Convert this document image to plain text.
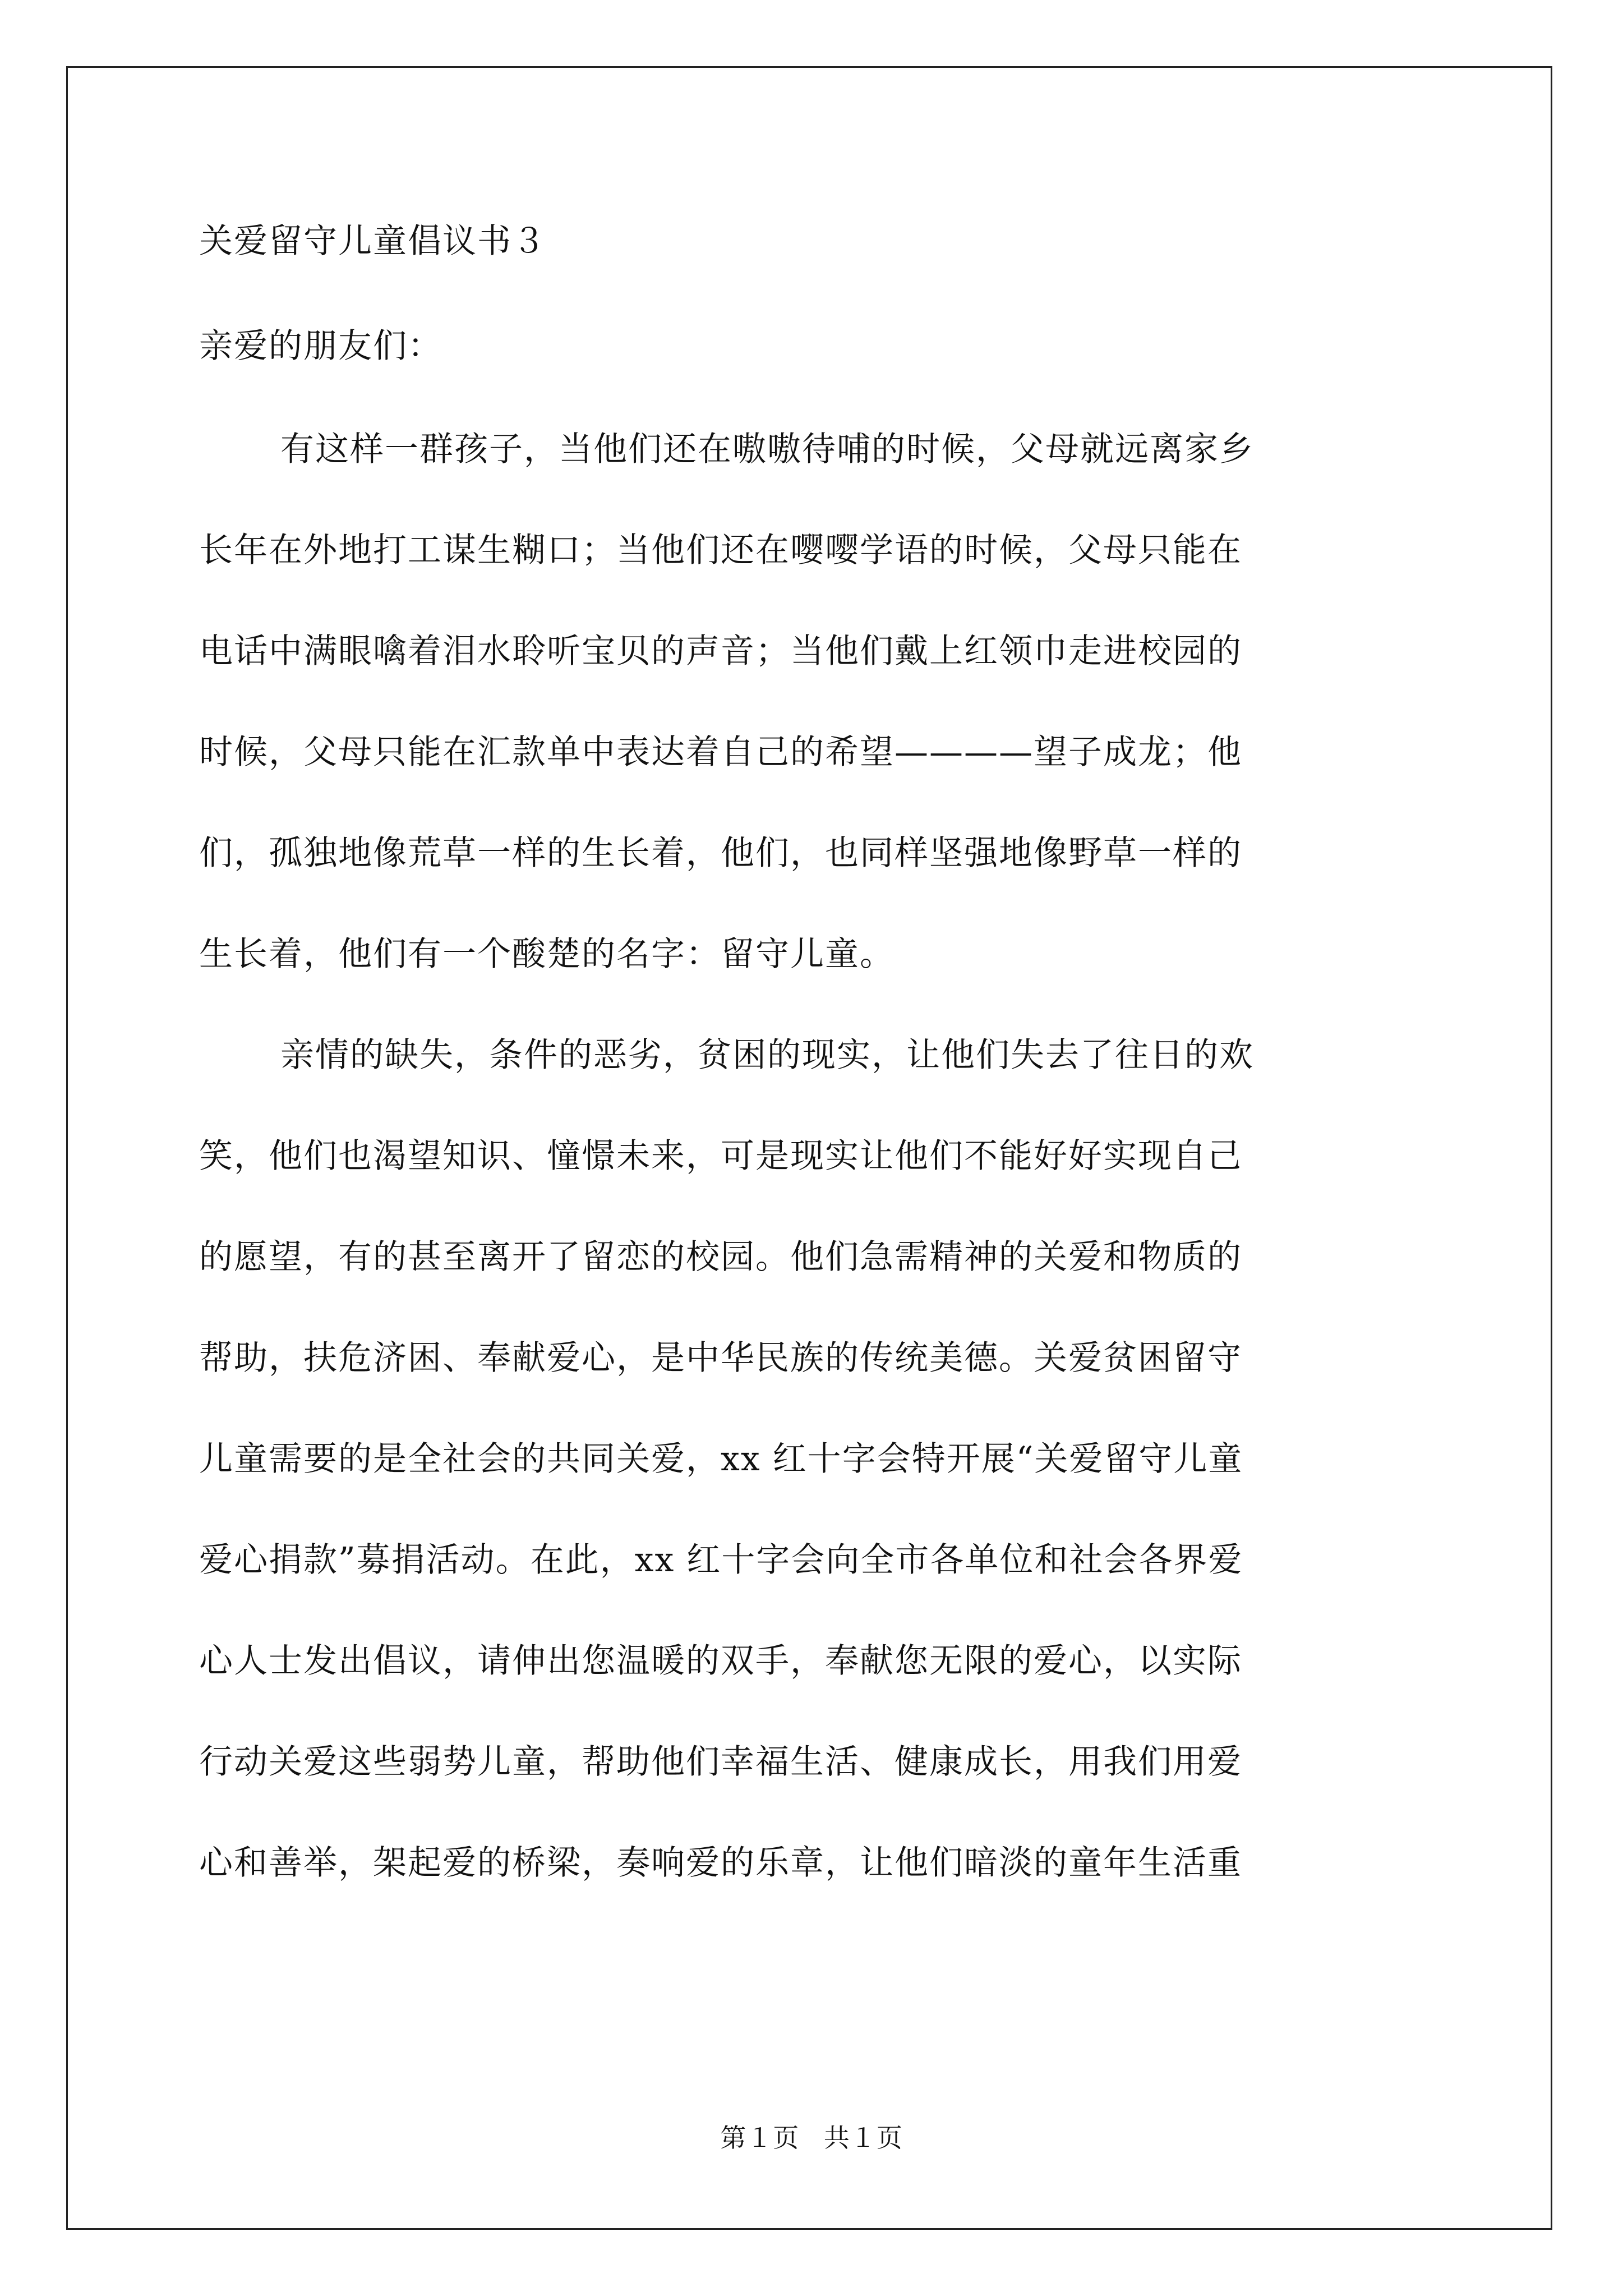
关爱留守儿童倡议书３
亲爱的朋友们：
有这样一群孩子，当他们还在嗷嗷待哺的时候，父母就远离家乡
长年在外地打工谋生糊口；当他们还在嘤嘤学语的时候，父母只能在
电话中满眼噙着泪水聆听宝贝的声音；当他们戴上红领巾走进校园的
时候，父母只能在汇款单中表达着自己的希望————望子成龙；他
们，孤独地像荒草一样的生长着，他们，也同样坚强地像野草一样的
生长着，他们有一个酸楚的名字：留守儿童。
亲情的缺失，条件的恶劣，贫困的现实，让他们失去了往日的欢
笑，他们也渴望知识、憧憬未来，可是现实让他们不能好好实现自己
的愿望，有的甚至离开了留恋的校园。他们急需精神的关爱和物质的
帮助，扶危济困、奉献爱心，是中华民族的传统美德。关爱贫困留守
儿童需要的是全社会的共同关爱，xx 红十字会特开展“关爱留守儿童
爱心捐款”募捐活动。在此，xx 红十字会向全市各单位和社会各界爱
心人士发出倡议，请伸出您温暖的双手，奉献您无限的爱心，以实际
行动关爱这些弱势儿童，帮助他们幸福生活、健康成长，用我们用爱
心和善举，架起爱的桥梁，奏响爱的乐章，让他们暗淡的童年生活重
第１页 共１页
